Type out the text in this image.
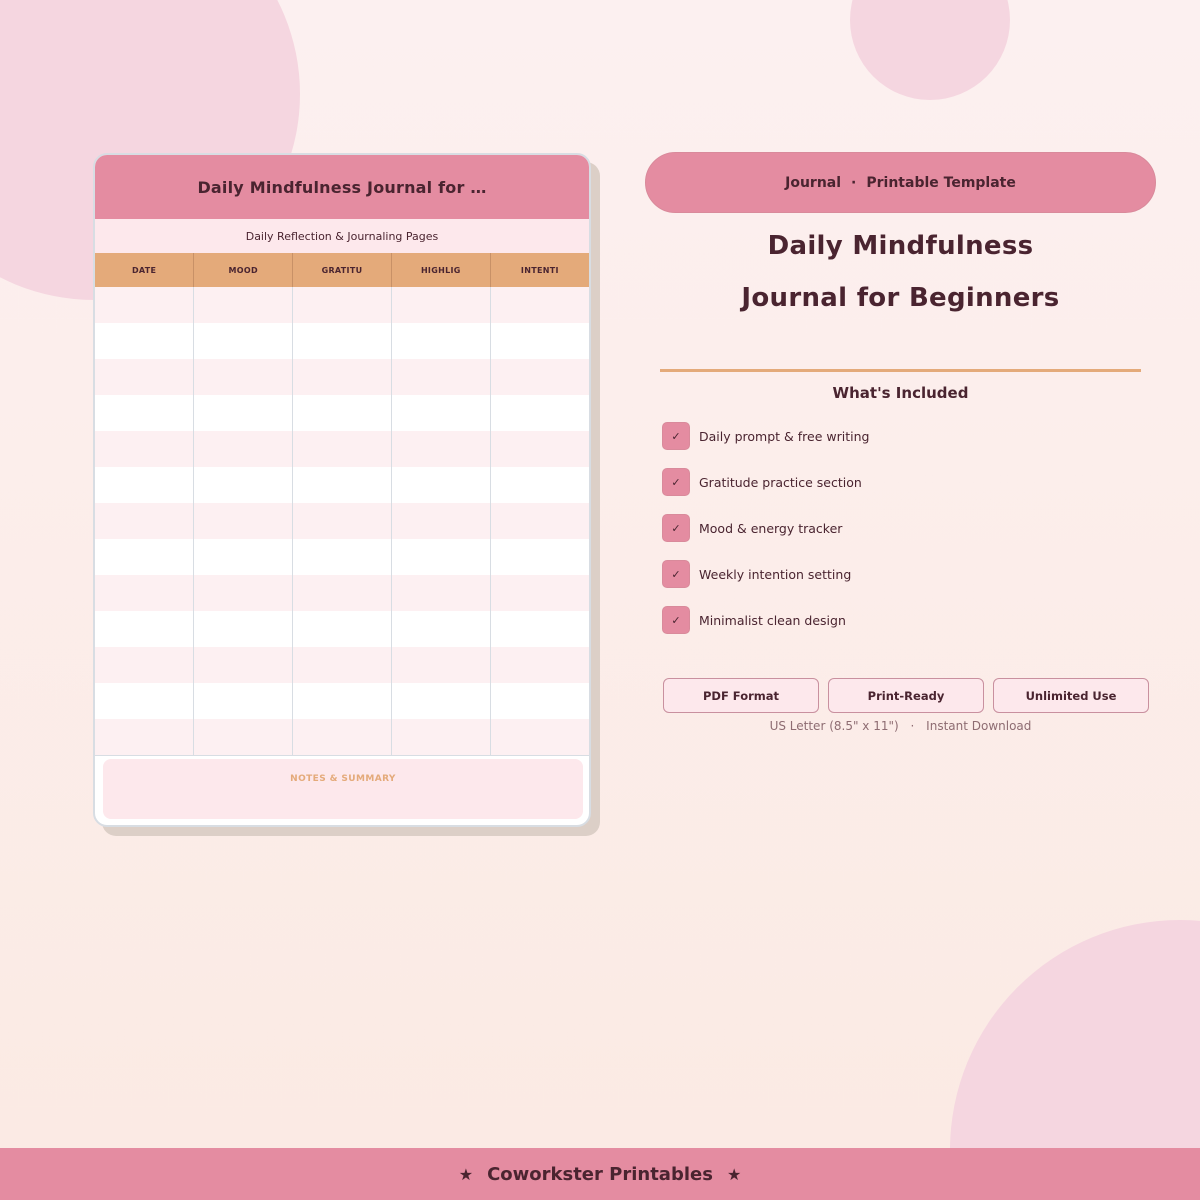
Daily Mindfulness Journal for …
Daily Reflection & Journaling Pages
DATE	MOOD	GRATITU	HIGHLIG	INTENTI

NOTES & SUMMARY
Journal · Printable Template
Daily Mindfulness
Journal for Beginners
What's Included
✓	Daily prompt & free writing
✓	Gratitude practice section
✓	Mood & energy tracker
✓	Weekly intention setting
✓	Minimalist clean design
PDF Format	Print-Ready	Unlimited Use
US Letter (8.5" x 11") · Instant Download
★ Coworkster Printables ★
